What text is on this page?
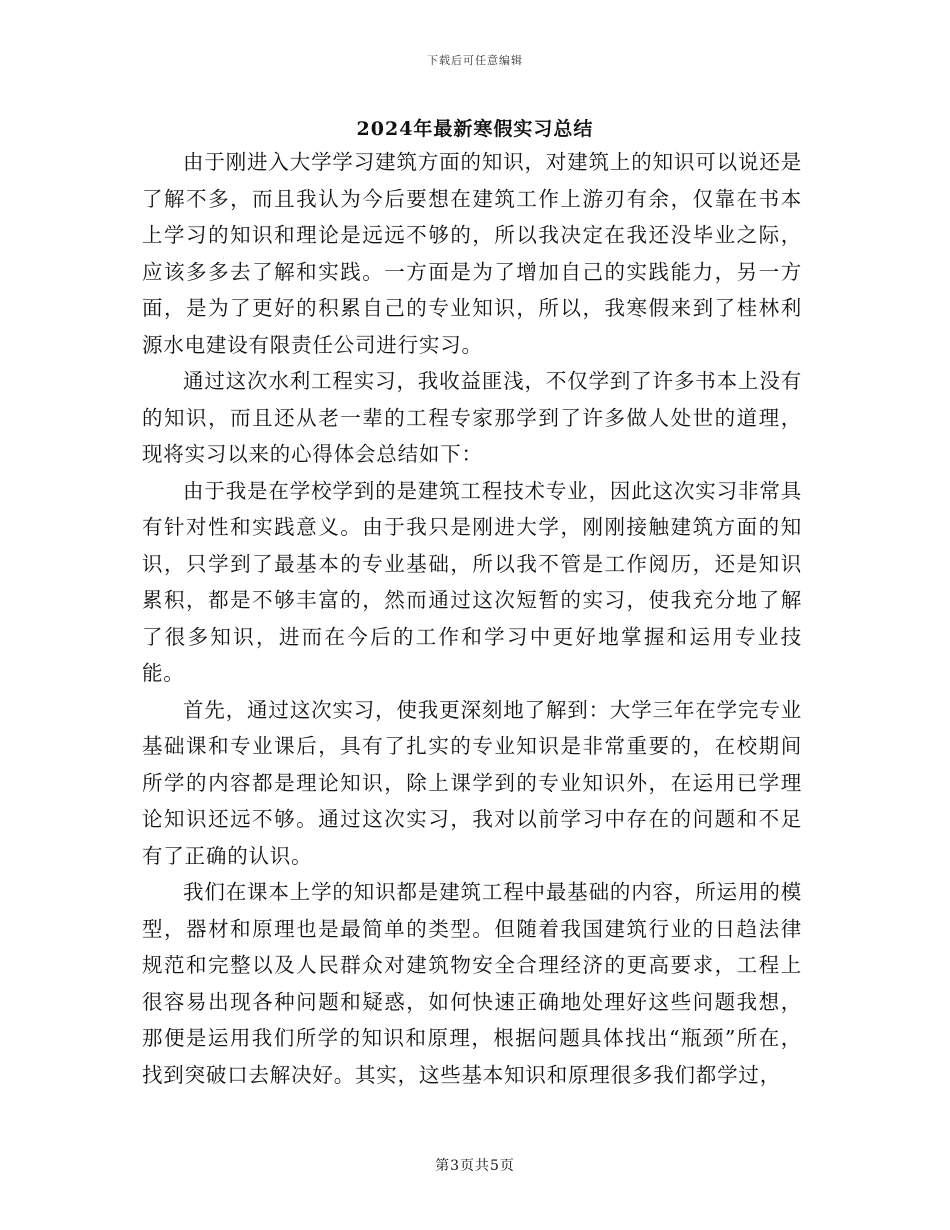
下载后可任意编辑
2024年最新寒假实习总结

由于刚进入大学学习建筑方面的知识，对建筑上的知识可以说还是了解不多，而且我认为今后要想在建筑工作上游刃有余，仅靠在书本上学习的知识和理论是远远不够的，所以我决定在我还没毕业之际，应该多多去了解和实践。一方面是为了增加自己的实践能力，另一方面，是为了更好的积累自己的专业知识，所以，我寒假来到了桂林利源水电建设有限责任公司进行实习。

通过这次水利工程实习，我收益匪浅，不仅学到了许多书本上没有的知识，而且还从老一辈的工程专家那学到了许多做人处世的道理，现将实习以来的心得体会总结如下：

由于我是在学校学到的是建筑工程技术专业，因此这次实习非常具有针对性和实践意义。由于我只是刚进大学，刚刚接触建筑方面的知识，只学到了最基本的专业基础，所以我不管是工作阅历，还是知识累积，都是不够丰富的，然而通过这次短暂的实习，使我充分地了解了很多知识，进而在今后的工作和学习中更好地掌握和运用专业技能。

首先，通过这次实习，使我更深刻地了解到：大学三年在学完专业基础课和专业课后，具有了扎实的专业知识是非常重要的，在校期间所学的内容都是理论知识，除上课学到的专业知识外，在运用已学理论知识还远不够。通过这次实习，我对以前学习中存在的问题和不足有了正确的认识。

我们在课本上学的知识都是建筑工程中最基础的内容，所运用的模型，器材和原理也是最简单的类型。但随着我国建筑行业的日趋法律规范和完整以及人民群众对建筑物安全合理经济的更高要求，工程上很容易出现各种问题和疑惑，如何快速正确地处理好这些问题我想，那便是运用我们所学的知识和原理，根据问题具体找出“瓶颈”所在，找到突破口去解决好。其实，这些基本知识和原理很多我们都学过，

第3页共5页
